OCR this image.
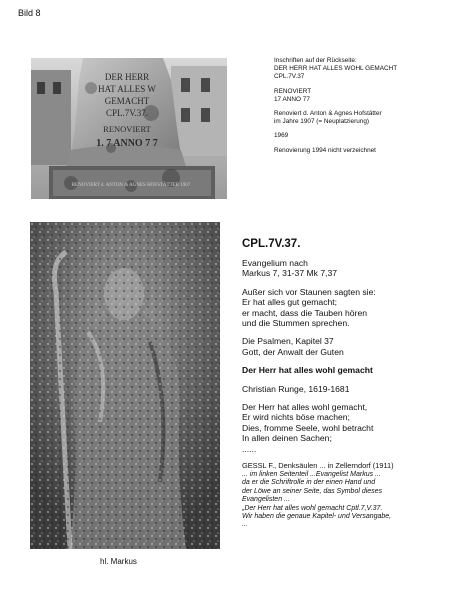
Bild 8
DER HERR
HAT ALLES W
GEMACHT
CPL.7V.37.
RENOVIERT
1. 7 ANNO 7 7
RENOVIERT d. ANTON & AGNES HOFSTÄTTER 1907

Inschriften auf der Rückseite:

DER HERR HAT ALLES WOHL GEMACHT

CPL.7V.37

RENOVIERT

17 ANNO 77

Renoviert d. Anton & Agnes Hofstätter

im Jahre 1907 (= Neuplatzierung)

1969

Renovierung 1994 nicht verzeichnet

hl. Markus

CPL.7V.37.

Evangelium nach

Markus 7, 31-37 Mk 7,37

Außer sich vor Staunen sagten sie:

Er hat alles gut gemacht;

er macht, dass die Tauben hören

und die Stummen sprechen.

Die Psalmen, Kapitel 37

Gott, der Anwalt der Guten

Der Herr hat alles wohl gemacht

Christian Runge, 1619-1681

Der Herr hat alles wohl gemacht,

Er wird nichts böse machen;

Dies, fromme Seele, wohl betracht

In allen deinen Sachen;

......

GESSL F., Denksäulen ... in Zellerndorf (1911)

... im linken Seitenteil ...Evangelist Markus ...

da er die Schriftrolle in der einen Hand und

der Löwe an seiner Seite, das Symbol dieses

Evangelisten ...

„Der Herr hat alles wohl gemacht Cptl.7,V.37.

Wir haben die genaue Kapitel- und Versangabe,

...
